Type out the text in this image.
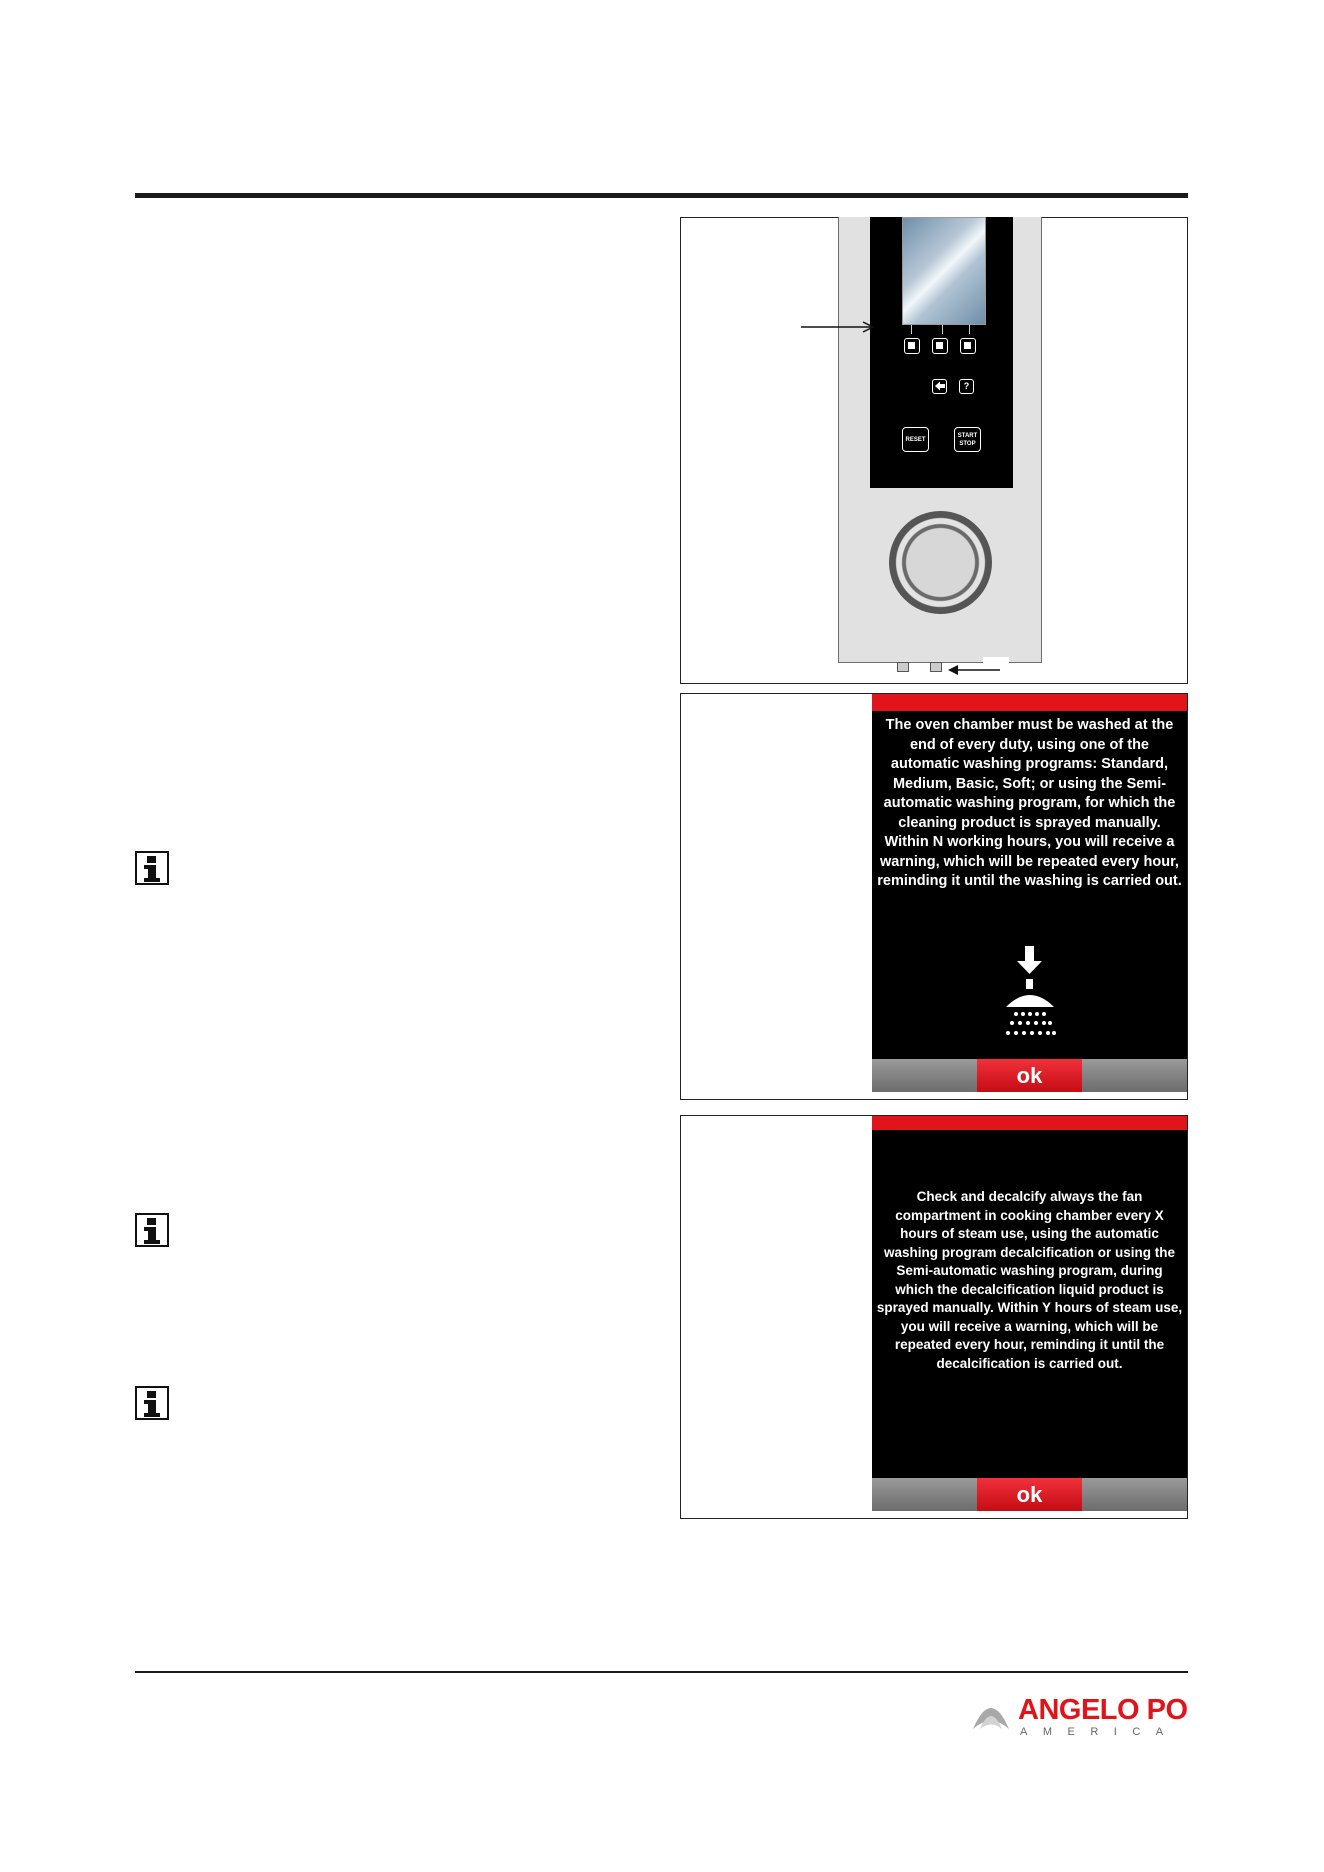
?
RESET
START
STOP
The oven chamber must be washed at the end of every duty, using one of the automatic washing programs: Standard, Medium, Basic, Soft; or using the Semi-automatic washing program, for which the cleaning product is sprayed manually. Within N working hours, you will receive a warning, which will be repeated every hour, reminding it until the washing is carried out.
ok
Check and decalcify always the fan compartment in cooking chamber every X hours of steam use, using the automatic washing program decalcification or using the Semi-automatic washing program, during which the decalcification liquid product is sprayed manually. Within Y hours of steam use, you will receive a warning, which will be repeated every hour, reminding it until the decalcification is carried out.
ok
ANGELO PO
AMERICA
